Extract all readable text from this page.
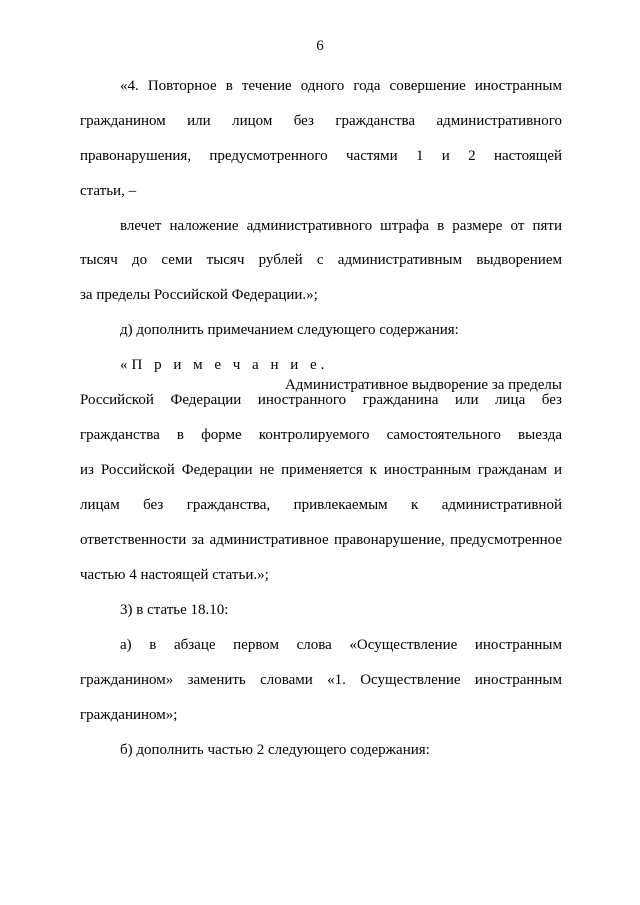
6
«4. Повторное в течение одного года совершение иностранным
гражданином или лицом без гражданства административного
правонарушения, предусмотренного частями 1 и 2 настоящей
статьи, –
влечет наложение административного штрафа в размере от пяти
тысяч до семи тысяч рублей с административным выдворением
за пределы Российской Федерации.»;
д) дополнить примечанием следующего содержания:
«П р и м е ч а н и е.
Административное выдворение за пределы
Российской Федерации иностранного гражданина или лица без
гражданства в форме контролируемого самостоятельного выезда
из Российской Федерации не применяется к иностранным гражданам и
лицам без гражданства, привлекаемым к административной
ответственности за административное правонарушение, предусмотренное
частью 4 настоящей статьи.»;
3) в статье 18.10:
а) в абзаце первом слова «Осуществление иностранным
гражданином» заменить словами «1. Осуществление иностранным
гражданином»;
б) дополнить частью 2 следующего содержания:
